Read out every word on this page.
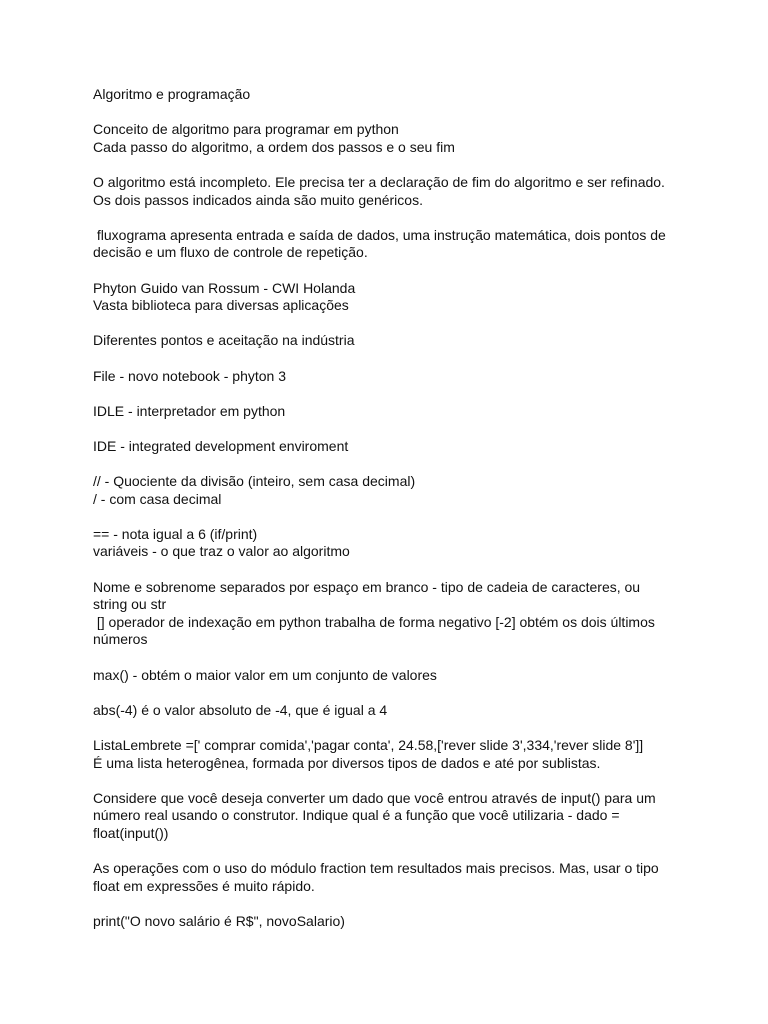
Algoritmo e programação

Conceito de algoritmo para programar em python
Cada passo do algoritmo, a ordem dos passos e o seu fim

O algoritmo está incompleto. Ele precisa ter a declaração de fim do algoritmo e ser refinado.
Os dois passos indicados ainda são muito genéricos.

fluxograma apresenta entrada e saída de dados, uma instrução matemática, dois pontos de
decisão e um fluxo de controle de repetição.

Phyton Guido van Rossum - CWI Holanda
Vasta biblioteca para diversas aplicações

Diferentes pontos e aceitação na indústria

File - novo notebook - phyton 3

IDLE - interpretador em python

IDE - integrated development enviroment

// - Quociente da divisão (inteiro, sem casa decimal)
/ - com casa decimal

== - nota igual a 6 (if/print)
variáveis - o que traz o valor ao algoritmo

Nome e sobrenome separados por espaço em branco - tipo de cadeia de caracteres, ou
string ou str
[] operador de indexação em python trabalha de forma negativo [-2] obtém os dois últimos
números

max() - obtém o maior valor em um conjunto de valores

abs(-4) é o valor absoluto de -4, que é igual a 4

ListaLembrete =[' comprar comida','pagar conta', 24.58,['rever slide 3',334,'rever slide 8']]
É uma lista heterogênea, formada por diversos tipos de dados e até por sublistas.

Considere que você deseja converter um dado que você entrou através de input() para um
número real usando o construtor. Indique qual é a função que você utilizaria - dado =
float(input())

As operações com o uso do módulo fraction tem resultados mais precisos. Mas, usar o tipo
float em expressões é muito rápido.

print("O novo salário é R$", novoSalario)
